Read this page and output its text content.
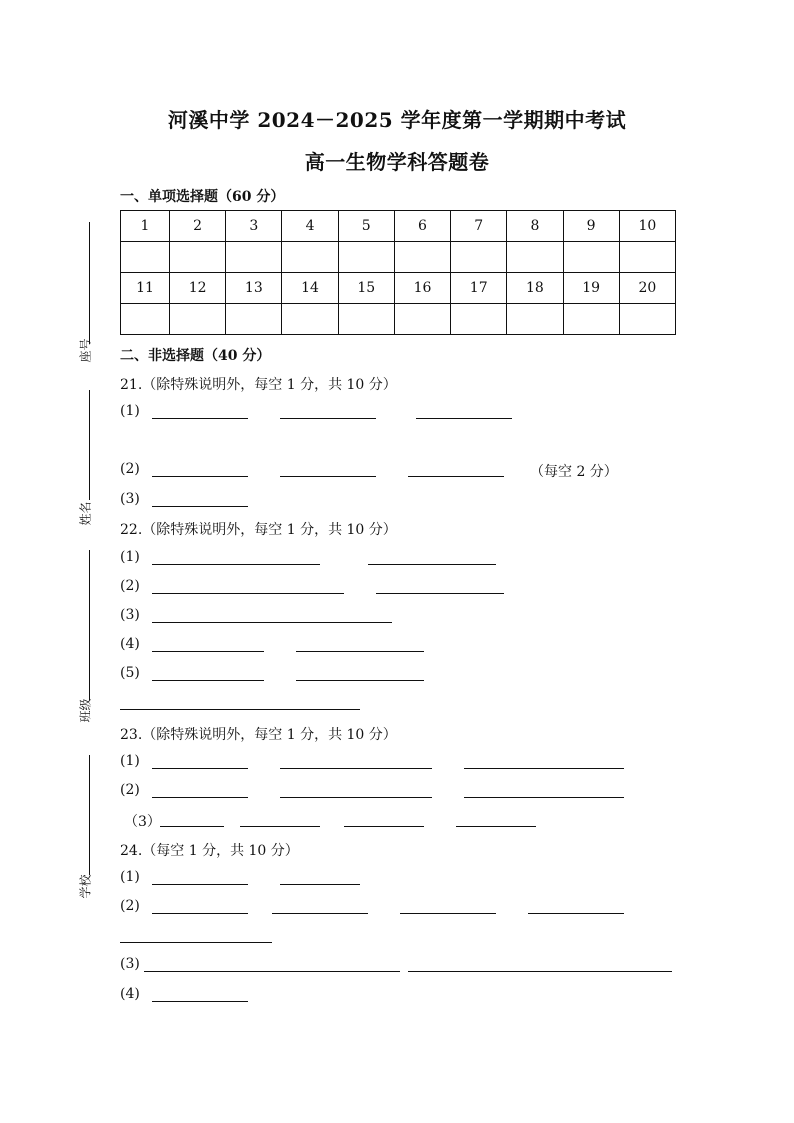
河溪中学 2024－2025 学年度第一学期期中考试
高一生物学科答题卷
座号
姓名
班级
学校
一、单项选择题（60 分）
1	2	3	4	5	6	7	8	9	10

11	12	13	14	15	16	17	18	19	20

二、非选择题（40 分）
21.（除特殊说明外，每空 1 分，共 10 分）
(1)
(2)	（每空 2 分）
(3)
22.（除特殊说明外，每空 1 分，共 10 分）
(1)
(2)
(3)
(4)
(5)
23.（除特殊说明外，每空 1 分，共 10 分）
(1)
(2)
（3）
24.（每空 1 分，共 10 分）
(1)
(2)
(3)
(4)
